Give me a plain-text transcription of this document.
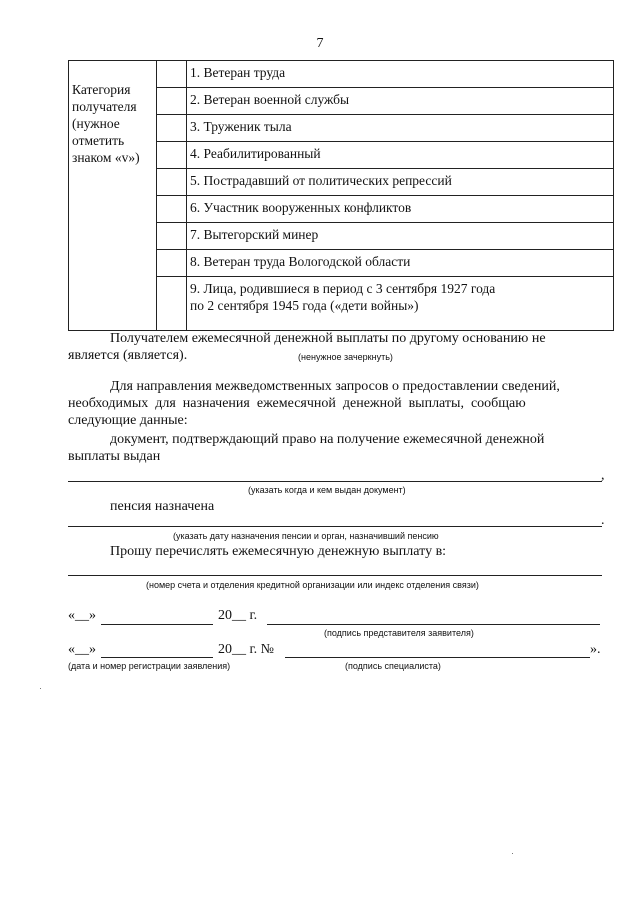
7
Категория
получателя
(нужное
отметить
знаком «v»)		1. Ветеран труда
		2. Ветеран военной службы
		3. Труженик тыла
		4. Реабилитированный
		5. Пострадавший от политических репрессий
		6. Участник вооруженных конфликтов
		7. Вытегорский минер
		8. Ветеран труда Вологодской области

		9. Лица, родившиеся в период с 3 сентября 1927 года
по 2 сентября 1945 года («дети войны»)
Получателем ежемесячной денежной выплаты по другому основанию не
является (является).	(ненужное зачеркнуть)
Для направления межведомственных запросов о предоставлении сведений,
необходимых  для  назначения  ежемесячной  денежной  выплаты,  сообщаю
следующие данные:
документ, подтверждающий право на получение ежемесячной денежной
выплаты выдан
,
(указать когда и кем выдан документ)
пенсия назначена
.
(указать дату назначения пенсии и орган, назначивший пенсию
Прошу перечислять ежемесячную денежную выплату в:
(номер счета и отделения кредитной организации или индекс отделения связи)
«__»	20__ г.
(подпись представителя заявителя)
«__»	20__ г. №	».
(дата и номер регистрации заявления)	(подпись специалиста)
